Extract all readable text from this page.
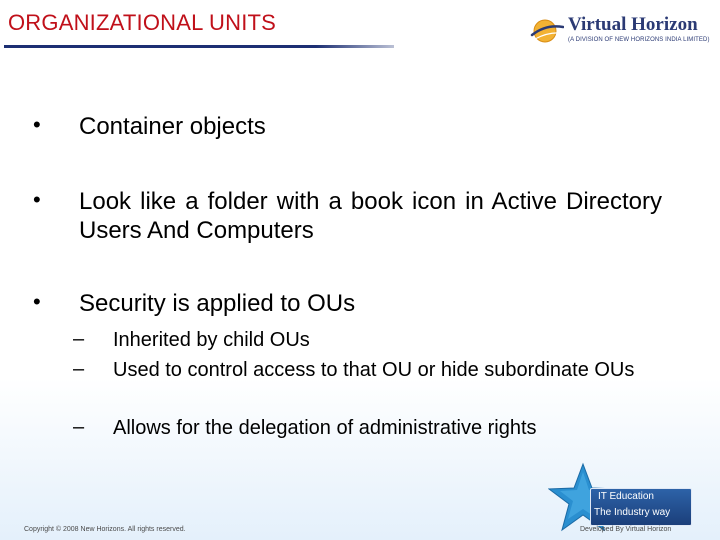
ORGANIZATIONAL UNITS	Virtual Horizon
(A DIVISION OF NEW HORIZONS INDIA LIMITED)
• Container objects
• Look like a folder with a book icon in Active Directory Users And Computers
• Security is applied to OUs
– Inherited by child OUs
– Used to control access to that OU or hide subordinate OUs
– Allows for the delegation of administrative rights
IT Education
The Industry way
Copyright © 2008 New Horizons. All rights reserved.	Developed By Virtual Horizon
